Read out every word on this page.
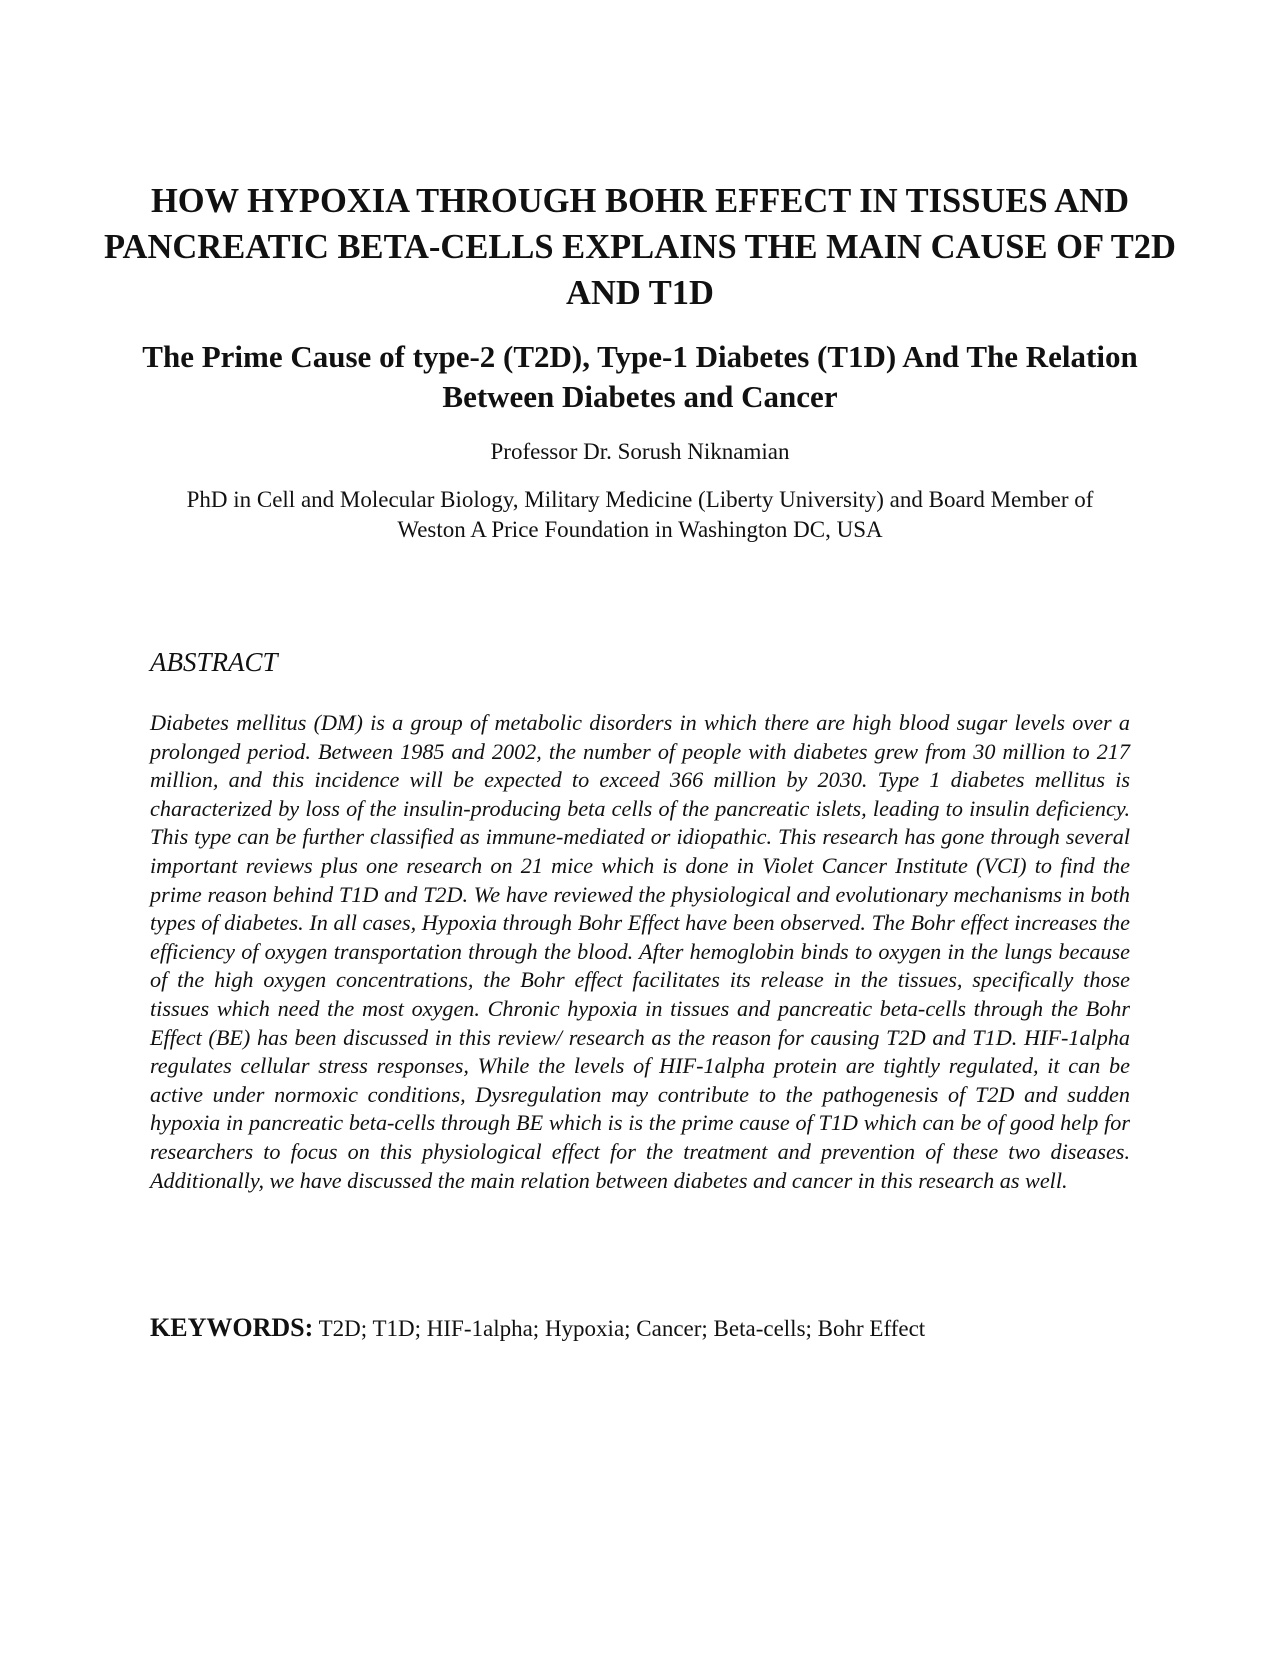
HOW HYPOXIA THROUGH BOHR EFFECT IN TISSUES AND PANCREATIC BETA-CELLS EXPLAINS THE MAIN CAUSE OF T2D AND T1D
The Prime Cause of type-2 (T2D), Type-1 Diabetes (T1D) And The Relation Between Diabetes and Cancer

Professor Dr. Sorush Niknamian

PhD in Cell and Molecular Biology, Military Medicine (Liberty University) and Board Member of Weston A Price Foundation in Washington DC, USA

ABSTRACT

Diabetes mellitus (DM) is a group of metabolic disorders in which there are high blood sugar levels over a prolonged period. Between 1985 and 2002, the number of people with diabetes grew from 30 million to 217 million, and this incidence will be expected to exceed 366 million by 2030. Type 1 diabetes mellitus is characterized by loss of the insulin-producing beta cells of the pancreatic islets, leading to insulin deficiency. This type can be further classified as immune-mediated or idiopathic. This research has gone through several important reviews plus one research on 21 mice which is done in Violet Cancer Institute (VCI) to find the prime reason behind T1D and T2D. We have reviewed the physiological and evolutionary mechanisms in both types of diabetes. In all cases, Hypoxia through Bohr Effect have been observed. The Bohr effect increases the efficiency of oxygen transportation through the blood. After hemoglobin binds to oxygen in the lungs because of the high oxygen concentrations, the Bohr effect facilitates its release in the tissues, specifically those tissues which need the most oxygen. Chronic hypoxia in tissues and pancreatic beta-cells through the Bohr Effect (BE) has been discussed in this review/ research as the reason for causing T2D and T1D. HIF-1alpha regulates cellular stress responses, While the levels of HIF-1alpha protein are tightly regulated, it can be active under normoxic conditions, Dysregulation may contribute to the pathogenesis of T2D and sudden hypoxia in pancreatic beta-cells through BE which is is the prime cause of T1D which can be of good help for researchers to focus on this physiological effect for the treatment and prevention of these two diseases. Additionally, we have discussed the main relation between diabetes and cancer in this research as well.

KEYWORDS: T2D; T1D; HIF-1alpha; Hypoxia; Cancer; Beta-cells; Bohr Effect
